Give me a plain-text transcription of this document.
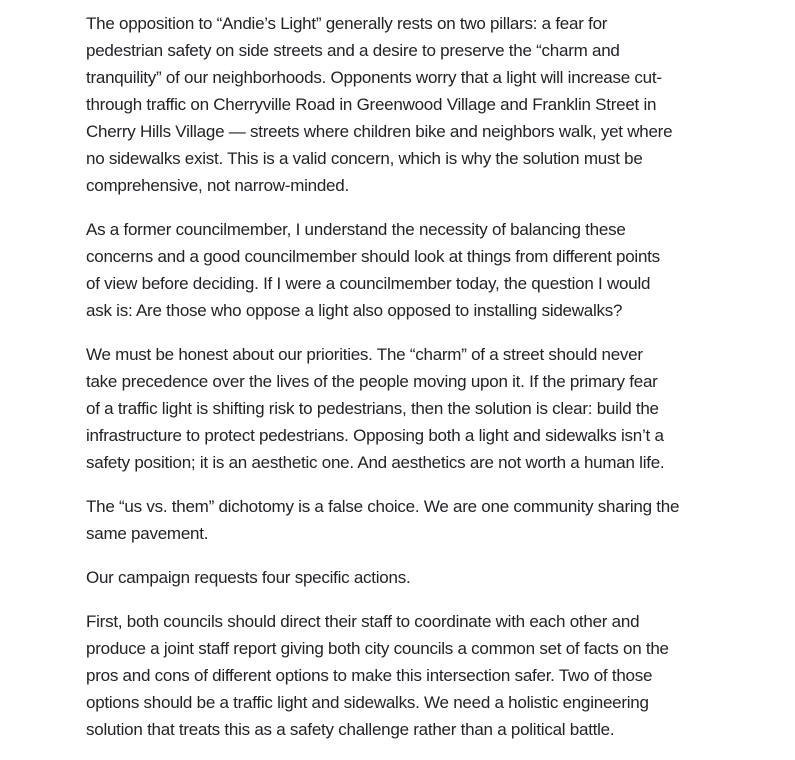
The opposition to “Andie’s Light” generally rests on two pillars: a fear for
pedestrian safety on side streets and a desire to preserve the “charm and
tranquility” of our neighborhoods. Opponents worry that a light will increase cut-
through traffic on Cherryville Road in Greenwood Village and Franklin Street in
Cherry Hills Village — streets where children bike and neighbors walk, yet where
no sidewalks exist. This is a valid concern, which is why the solution must be
comprehensive, not narrow-minded.
As a former councilmember, I understand the necessity of balancing these
concerns and a good councilmember should look at things from different points
of view before deciding. If I were a councilmember today, the question I would
ask is: Are those who oppose a light also opposed to installing sidewalks?
We must be honest about our priorities. The “charm” of a street should never
take precedence over the lives of the people moving upon it. If the primary fear
of a traffic light is shifting risk to pedestrians, then the solution is clear: build the
infrastructure to protect pedestrians. Opposing both a light and sidewalks isn’t a
safety position; it is an aesthetic one. And aesthetics are not worth a human life.
The “us vs. them” dichotomy is a false choice. We are one community sharing the
same pavement.
Our campaign requests four specific actions.
First, both councils should direct their staff to coordinate with each other and
produce a joint staff report giving both city councils a common set of facts on the
pros and cons of different options to make this intersection safer. Two of those
options should be a traffic light and sidewalks. We need a holistic engineering
solution that treats this as a safety challenge rather than a political battle.
